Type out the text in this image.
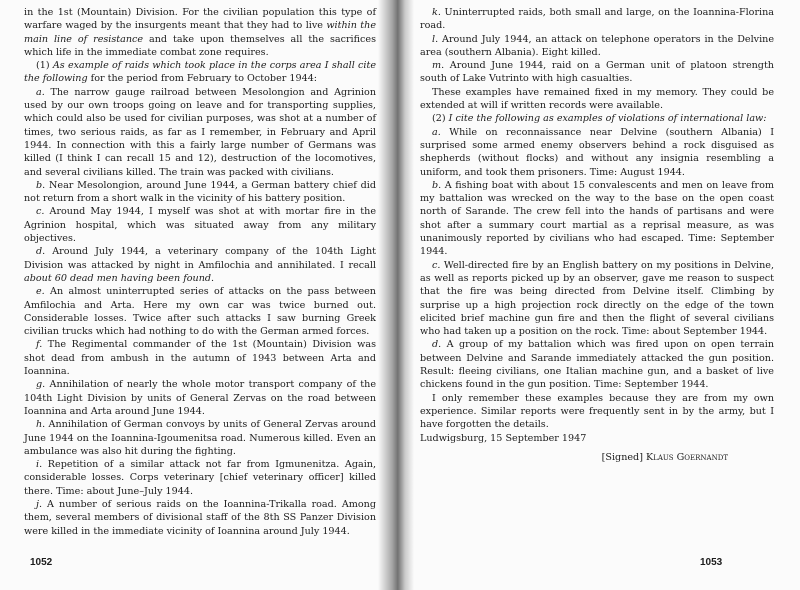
in the 1st (Mountain) Division. For the civilian population this type of warfare waged by the insurgents meant that they had to live within the main line of resistance and take upon themselves all the sacrifices which life in the immediate combat zone requires.

(1) As example of raids which took place in the corps area I shall cite the following for the period from February to October 1944:

a. The narrow gauge railroad between Mesolongion and Agrinion used by our own troops going on leave and for transporting supplies, which could also be used for civilian purposes, was shot at a number of times, two serious raids, as far as I remember, in February and April 1944. In connection with this a fairly large number of Germans was killed (I think I can recall 15 and 12), destruction of the locomotives, and several civilians killed. The train was packed with civilians.

b. Near Mesolongion, around June 1944, a German battery chief did not return from a short walk in the vicinity of his battery position.

c. Around May 1944, I myself was shot at with mortar fire in the Agrinion hospital, which was situated away from any military objectives.

d. Around July 1944, a veterinary company of the 104th Light Division was attacked by night in Amfilochia and annihilated. I recall about 60 dead men having been found.

e. An almost uninterrupted series of attacks on the pass between Amfilochia and Arta. Here my own car was twice burned out. Considerable losses. Twice after such attacks I saw burning Greek civilian trucks which had nothing to do with the German armed forces.

f. The Regimental commander of the 1st (Mountain) Division was shot dead from ambush in the autumn of 1943 between Arta and Ioannina.

g. Annihilation of nearly the whole motor transport company of the 104th Light Division by units of General Zervas on the road between Ioannina and Arta around June 1944.

h. Annihilation of German convoys by units of General Zervas around June 1944 on the Ioannina-Igoumenitsa road. Numerous killed. Even an ambulance was also hit during the fighting.

i. Repetition of a similar attack not far from Igmunenitza. Again, considerable losses. Corps veterinary [chief veterinary officer] killed there. Time: about June–July 1944.

j. A number of serious raids on the Ioannina-Trikalla road. Among them, several members of divisional staff of the 8th SS Panzer Division were killed in the immediate vicinity of Ioannina around July 1944.

1052

k. Uninterrupted raids, both small and large, on the Ioannina-Florina road.

l. Around July 1944, an attack on telephone operators in the Delvine area (southern Albania). Eight killed.

m. Around June 1944, raid on a German unit of platoon strength south of Lake Vutrinto with high casualties.

These examples have remained fixed in my memory. They could be extended at will if written records were available.

(2) I cite the following as examples of violations of international law:

a. While on reconnaissance near Delvine (southern Albania) I surprised some armed enemy observers behind a rock disguised as shepherds (without flocks) and without any insignia resembling a uniform, and took them prisoners. Time: August 1944.

b. A fishing boat with about 15 convalescents and men on leave from my battalion was wrecked on the way to the base on the open coast north of Sarande. The crew fell into the hands of partisans and were shot after a summary court martial as a reprisal measure, as was unanimously reported by civilians who had escaped. Time: September 1944.

c. Well-directed fire by an English battery on my positions in Delvine, as well as reports picked up by an observer, gave me reason to suspect that the fire was being directed from Delvine itself. Climbing by surprise up a high projection rock directly on the edge of the town elicited brief machine gun fire and then the flight of several civilians who had taken up a position on the rock. Time: about September 1944.

d. A group of my battalion which was fired upon on open terrain between Delvine and Sarande immediately attacked the gun position. Result: fleeing civilians, one Italian machine gun, and a basket of live chickens found in the gun position. Time: September 1944.

I only remember these examples because they are from my own experience. Similar reports were frequently sent in by the army, but I have forgotten the details.

Ludwigsburg, 15 September 1947

[Signed] Klaus Goernandt

1053
